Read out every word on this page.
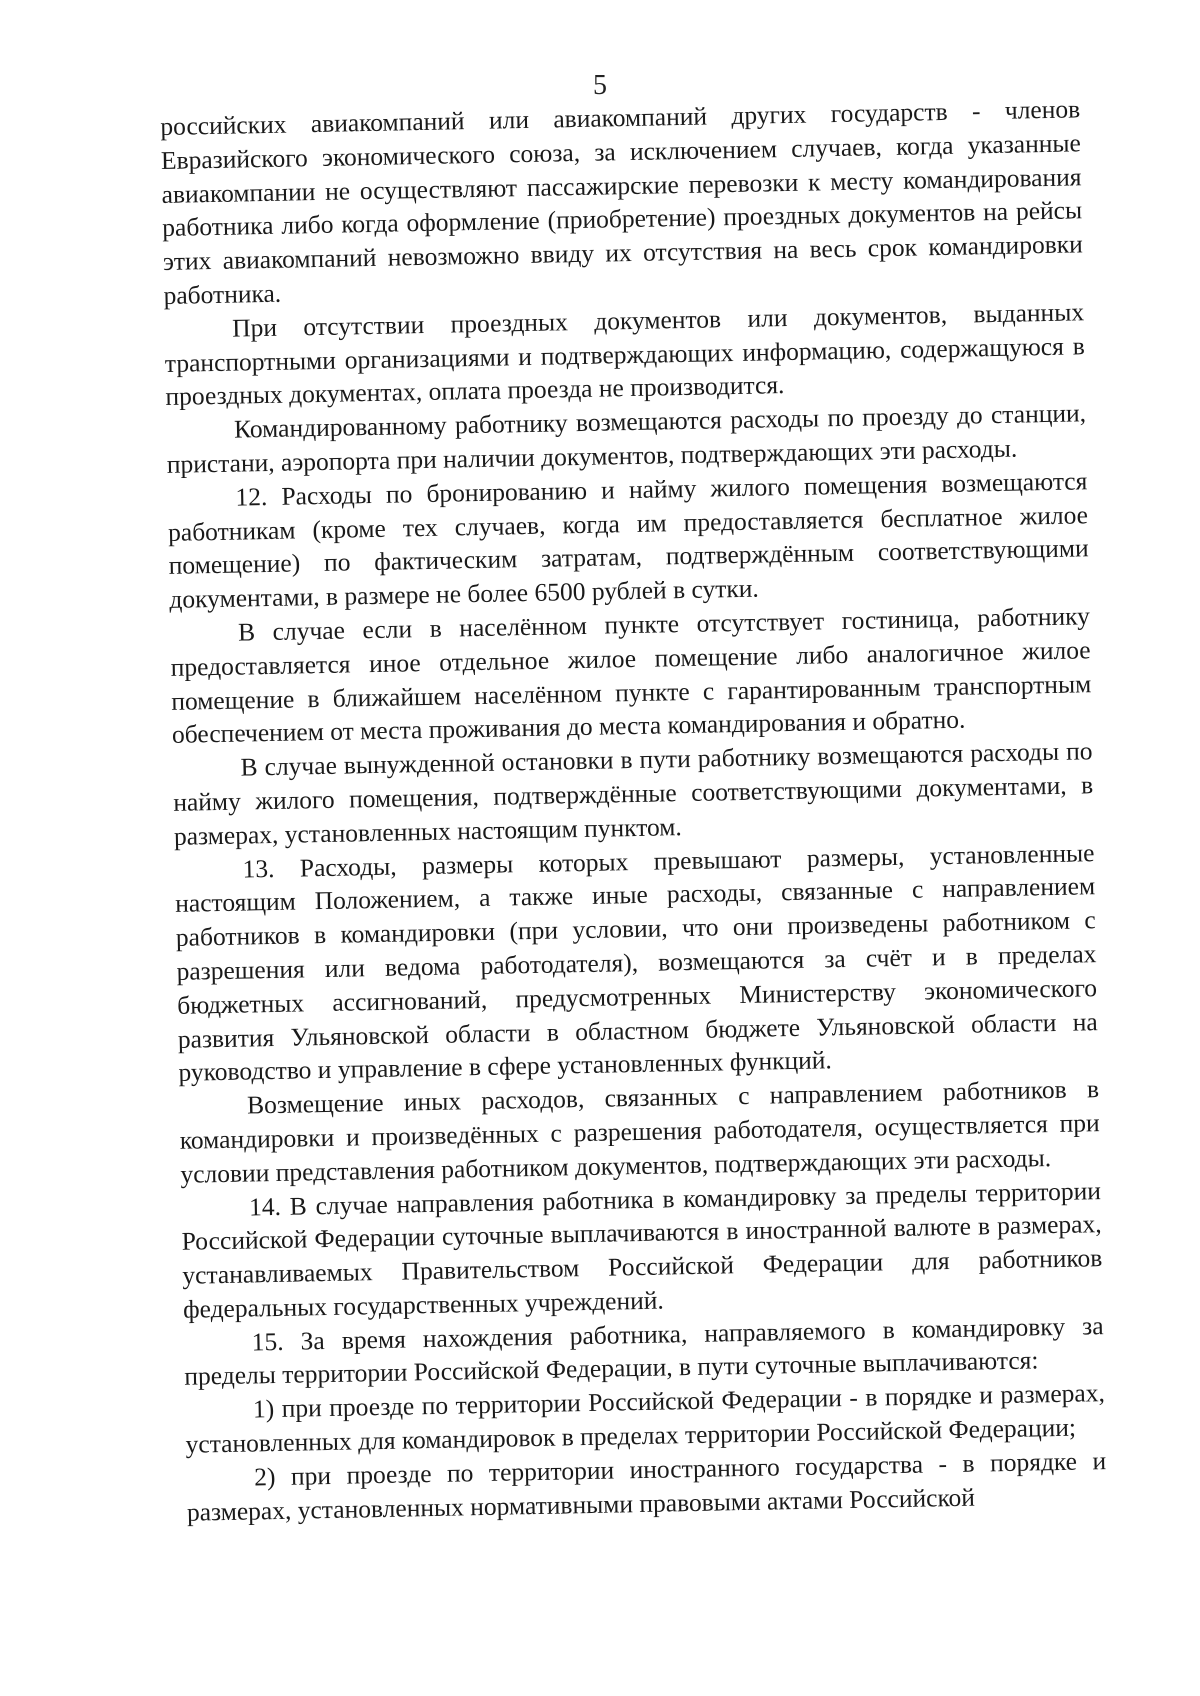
5

российских авиакомпаний или авиакомпаний других государств - членов Евразийского экономического союза, за исключением случаев, когда указанные авиакомпании не осуществляют пассажирские перевозки к месту командирования работника либо когда оформление (приобретение) проездных документов на рейсы этих авиакомпаний невозможно ввиду их отсутствия на весь срок командировки работника.

При отсутствии проездных документов или документов, выданных транспортными организациями и подтверждающих информацию, содержащуюся в проездных документах, оплата проезда не производится.

Командированному работнику возмещаются расходы по проезду до станции, пристани, аэропорта при наличии документов, подтверждающих эти расходы.

12. Расходы по бронированию и найму жилого помещения возмещаются работникам (кроме тех случаев, когда им предоставляется бесплатное жилое помещение) по фактическим затратам, подтверждённым соответствующими документами, в размере не более 6500 рублей в сутки.

В случае если в населённом пункте отсутствует гостиница, работнику предоставляется иное отдельное жилое помещение либо аналогичное жилое помещение в ближайшем населённом пункте с гарантированным транспортным обеспечением от места проживания до места командирования и обратно.

В случае вынужденной остановки в пути работнику возмещаются расходы по найму жилого помещения, подтверждённые соответствующими документами, в размерах, установленных настоящим пунктом.

13. Расходы, размеры которых превышают размеры, установленные настоящим Положением, а также иные расходы, связанные с направлением работников в командировки (при условии, что они произведены работником с разрешения или ведома работодателя), возмещаются за счёт и в пределах бюджетных ассигнований, предусмотренных Министерству экономического развития Ульяновской области в областном бюджете Ульяновской области на руководство и управление в сфере установленных функций.

Возмещение иных расходов, связанных с направлением работников в командировки и произведённых с разрешения работодателя, осуществляется при условии представления работником документов, подтверждающих эти расходы.

14. В случае направления работника в командировку за пределы территории Российской Федерации суточные выплачиваются в иностранной валюте в размерах, устанавливаемых Правительством Российской Федерации для работников федеральных государственных учреждений.

15. За время нахождения работника, направляемого в командировку за пределы территории Российской Федерации, в пути суточные выплачиваются:

1) при проезде по территории Российской Федерации - в порядке и размерах, установленных для командировок в пределах территории Российской Федерации;

2) при проезде по территории иностранного государства - в порядке и размерах, установленных нормативными правовыми актами Российской
